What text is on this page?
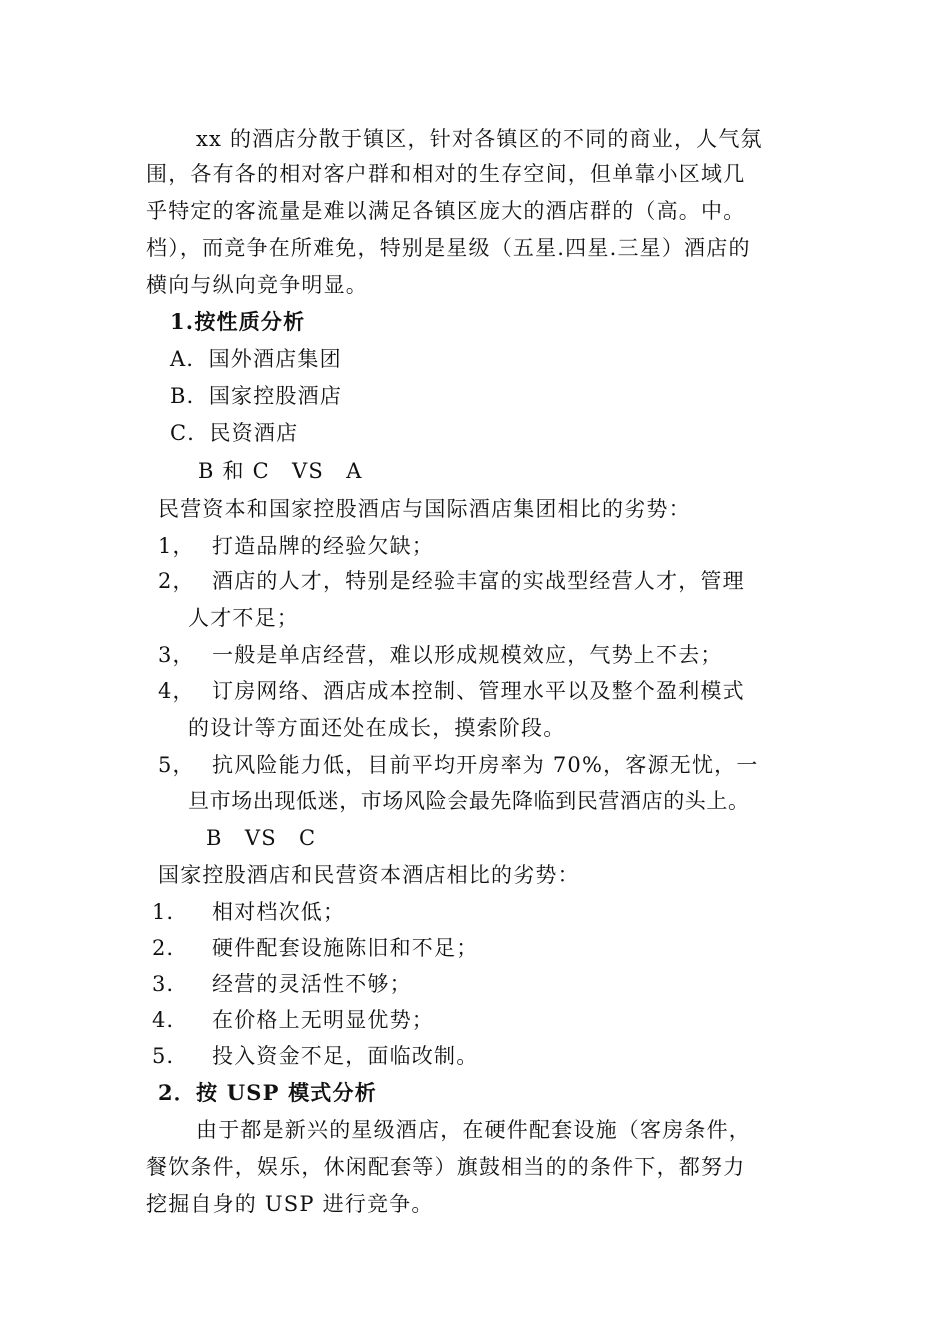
xx 的酒店分散于镇区，针对各镇区的不同的商业，人气氛
围，各有各的相对客户群和相对的生存空间，但单靠小区域几
乎特定的客流量是难以满足各镇区庞大的酒店群的（高。中。
档），而竞争在所难免，特别是星级（五星.四星.三星）酒店的
横向与纵向竞争明显。
1.按性质分析
A．国外酒店集团
B．国家控股酒店
C．民资酒店
B 和 C　VS　A
民营资本和国家控股酒店与国际酒店集团相比的劣势：
1， 打造品牌的经验欠缺；
2， 酒店的人才，特别是经验丰富的实战型经营人才，管理
人才不足；
3， 一般是单店经营，难以形成规模效应，气势上不去；
4， 订房网络、酒店成本控制、管理水平以及整个盈利模式
的设计等方面还处在成长，摸索阶段。
5， 抗风险能力低，目前平均开房率为 70%，客源无忧，一
旦市场出现低迷，市场风险会最先降临到民营酒店的头上。
B　VS　C
国家控股酒店和民营资本酒店相比的劣势：
1． 相对档次低；
2． 硬件配套设施陈旧和不足；
3． 经营的灵活性不够；
4． 在价格上无明显优势；
5． 投入资金不足，面临改制。
2．按 USP 模式分析
由于都是新兴的星级酒店，在硬件配套设施（客房条件，
餐饮条件，娱乐，休闲配套等）旗鼓相当的的条件下，都努力
挖掘自身的 USP 进行竞争。
